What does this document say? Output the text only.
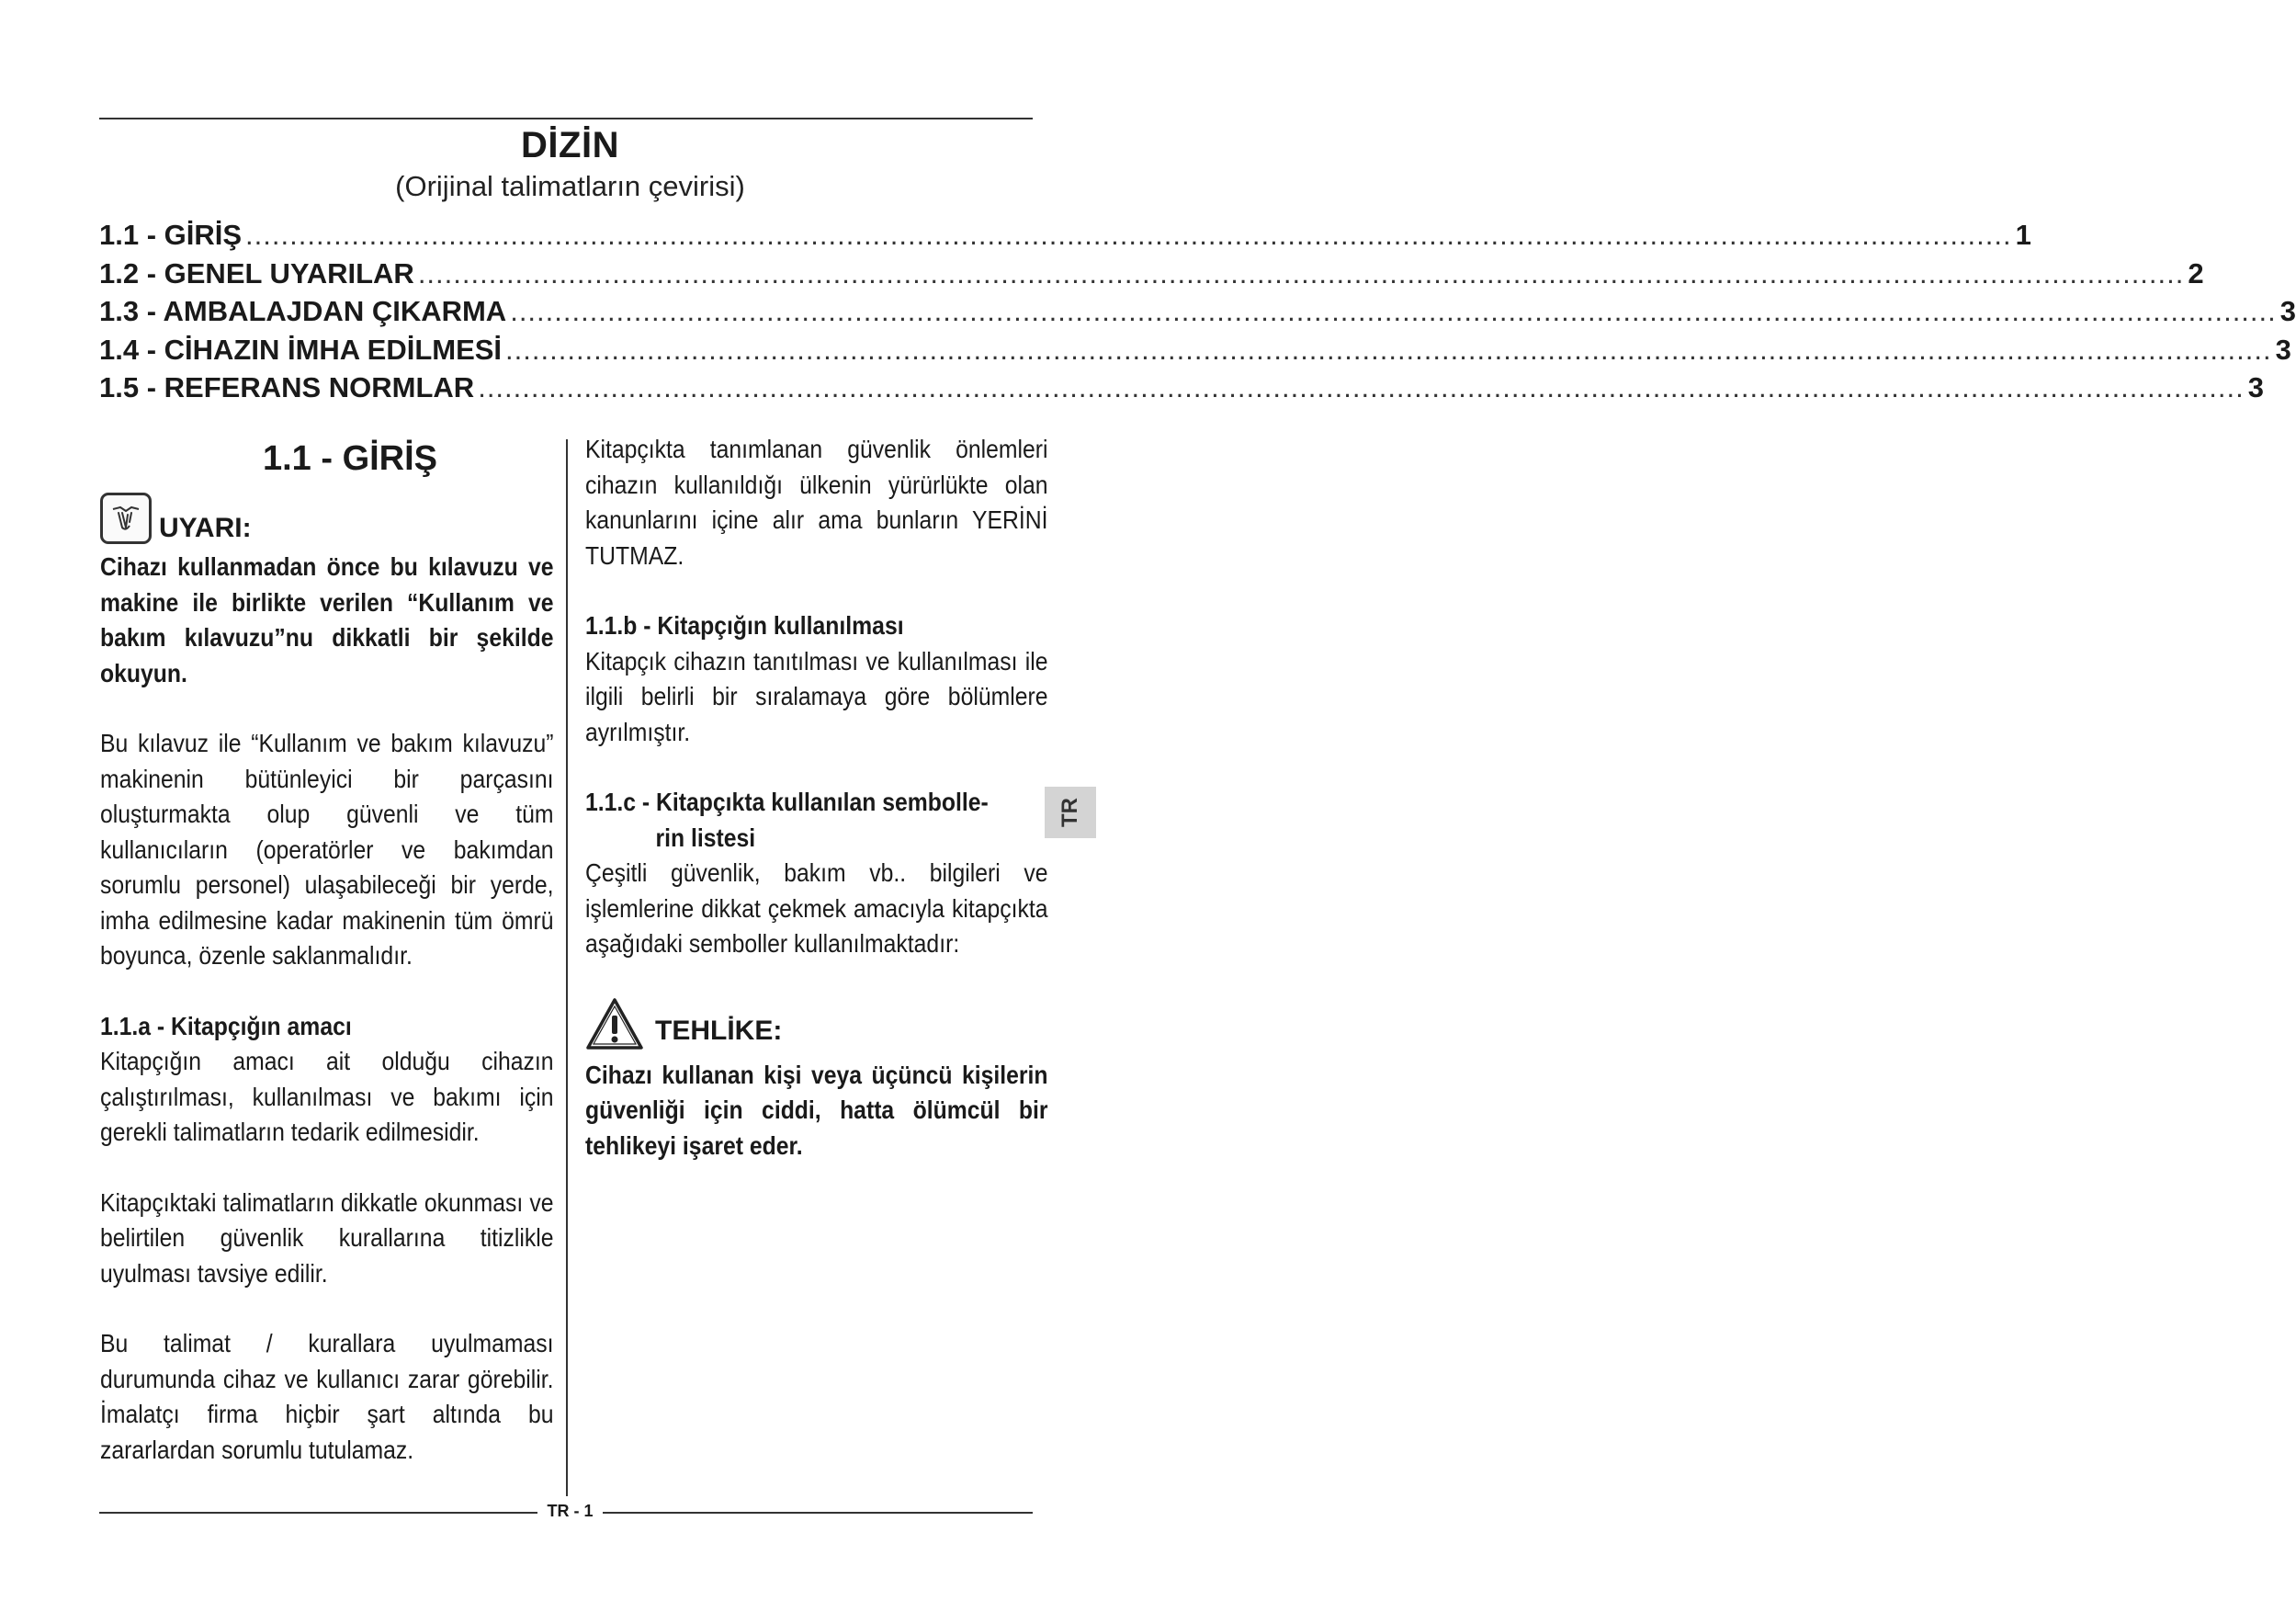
DİZİN
(Orijinal talimatların çevirisi)
1.1 - GİRİŞ ........................................................................................................................................................................................................ 1
1.2 - GENEL UYARILAR ........................................................................................................................................................................................................ 2
1.3 - AMBALAJDAN ÇIKARMA ........................................................................................................................................................................................................ 3
1.4 - CİHAZIN İMHA EDİLMESİ ........................................................................................................................................................................................................ 3
1.5 - REFERANS NORMLAR ........................................................................................................................................................................................................ 3
1.1 - GİRİŞ
UYARI:

Cihazı kullanmadan önce bu kılavuzu ve makine ile birlikte verilen “Kullanım ve bakım kılavuzu”nu dikkatli bir şekilde okuyun.

Bu kılavuz ile “Kullanım ve bakım kılavuzu” makinenin bütünleyici bir parçasını oluşturmakta olup güvenli ve tüm kullanıcıların (operatörler ve bakımdan sorumlu personel) ulaşabileceği bir yerde, imha edilmesine kadar makinenin tüm ömrü boyunca, özenle saklanmalıdır.

1.1.a - Kitapçığın amacı

Kitapçığın amacı ait olduğu cihazın çalıştırılması, kullanılması ve bakımı için gerekli talimatların tedarik edilmesidir.

Kitapçıktaki talimatların dikkatle okunması ve belirtilen güvenlik kurallarına titizlikle uyulması tavsiye edilir.

Bu talimat / kurallara uyulmaması durumunda cihaz ve kullanıcı zarar görebilir. İmalatçı firma hiçbir şart altında bu zararlardan sorumlu tutulamaz.

Kitapçıkta tanımlanan güvenlik önlemleri cihazın kullanıldığı ülkenin yürürlükte olan kanunlarını içine alır ama bunların YERİNİ TUTMAZ.

1.1.b - Kitapçığın kullanılması

Kitapçık cihazın tanıtılması ve kullanılması ile ilgili belirli bir sıralamaya göre bölümlere ayrılmıştır.

1.1.c - Kitapçıkta kullanılan sembolle-
rin listesi

Çeşitli güvenlik, bakım vb.. bilgileri ve işlemlerine dikkat çekmek amacıyla kitapçıkta aşağıdaki semboller kullanılmaktadır:

TEHLİKE:

Cihazı kullanan kişi veya üçüncü kişilerin güvenliği için ciddi, hatta ölümcül bir tehlikeyi işaret eder.

TR
TR - 1
